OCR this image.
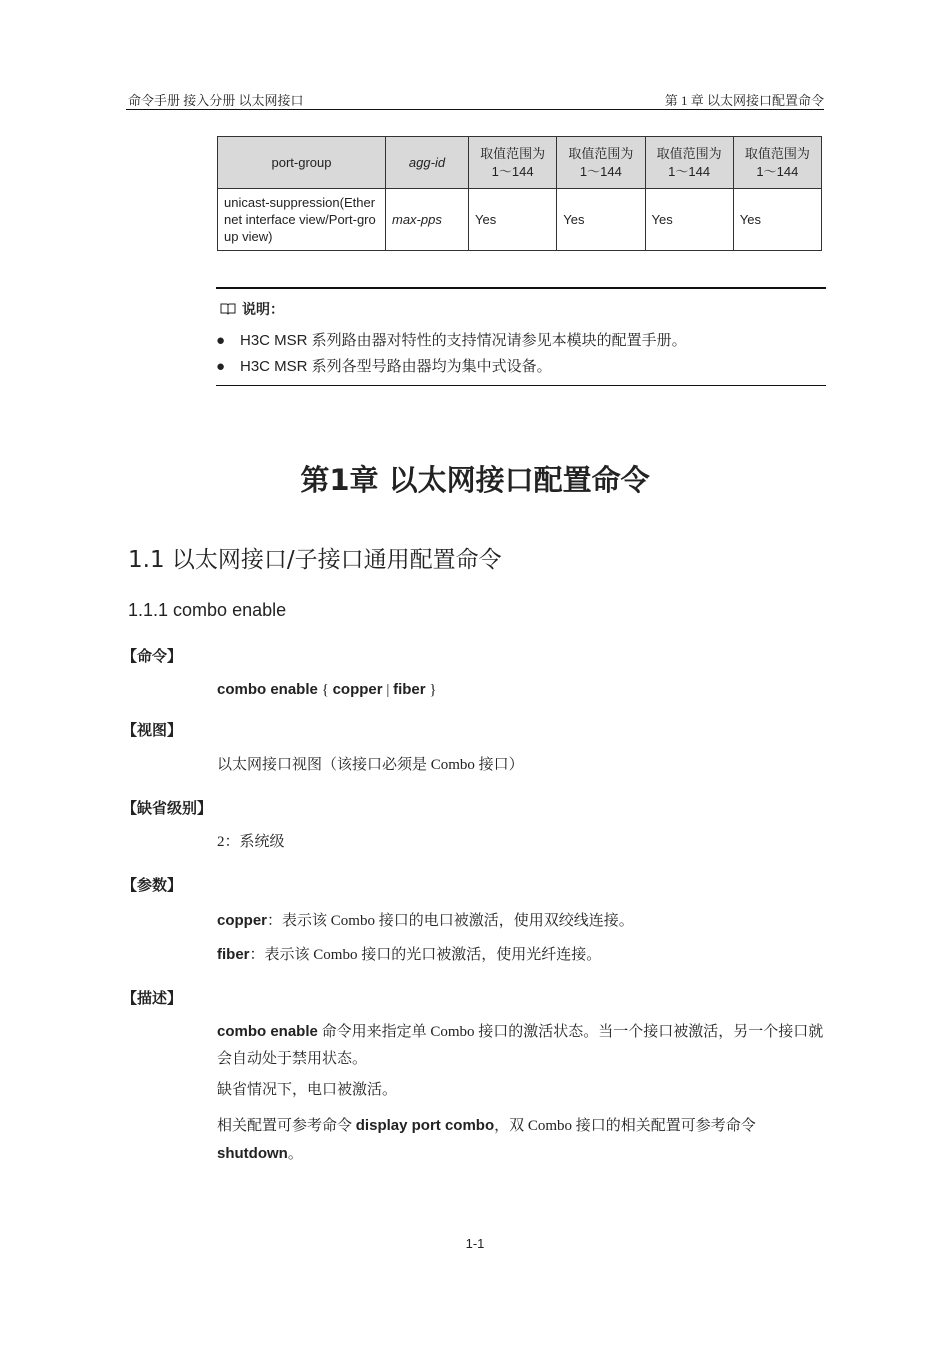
命令手册 接入分册 以太网接口	第 1 章 以太网接口配置命令
port-group	agg-id	取值范围为 1～144	取值范围为 1～144	取值范围为 1～144	取值范围为 1～144
unicast-suppression(Ethernet interface view/Port-group view)	max-pps	Yes	Yes	Yes	Yes
说明：
● H3C MSR 系列路由器对特性的支持情况请参见本模块的配置手册。
● H3C MSR 系列各型号路由器均为集中式设备。
第1章 以太网接口配置命令
1.1 以太网接口/子接口通用配置命令
1.1.1 combo enable
【命令】
combo enable { copper | fiber }
【视图】
以太网接口视图（该接口必须是 Combo 接口）
【缺省级别】
2：系统级
【参数】
copper：表示该 Combo 接口的电口被激活，使用双绞线连接。
fiber：表示该 Combo 接口的光口被激活，使用光纤连接。
【描述】
combo enable 命令用来指定单 Combo 接口的激活状态。当一个接口被激活，另一个接口就会自动处于禁用状态。
缺省情况下，电口被激活。
相关配置可参考命令 display port combo，双 Combo 接口的相关配置可参考命令 shutdown。
1-1
